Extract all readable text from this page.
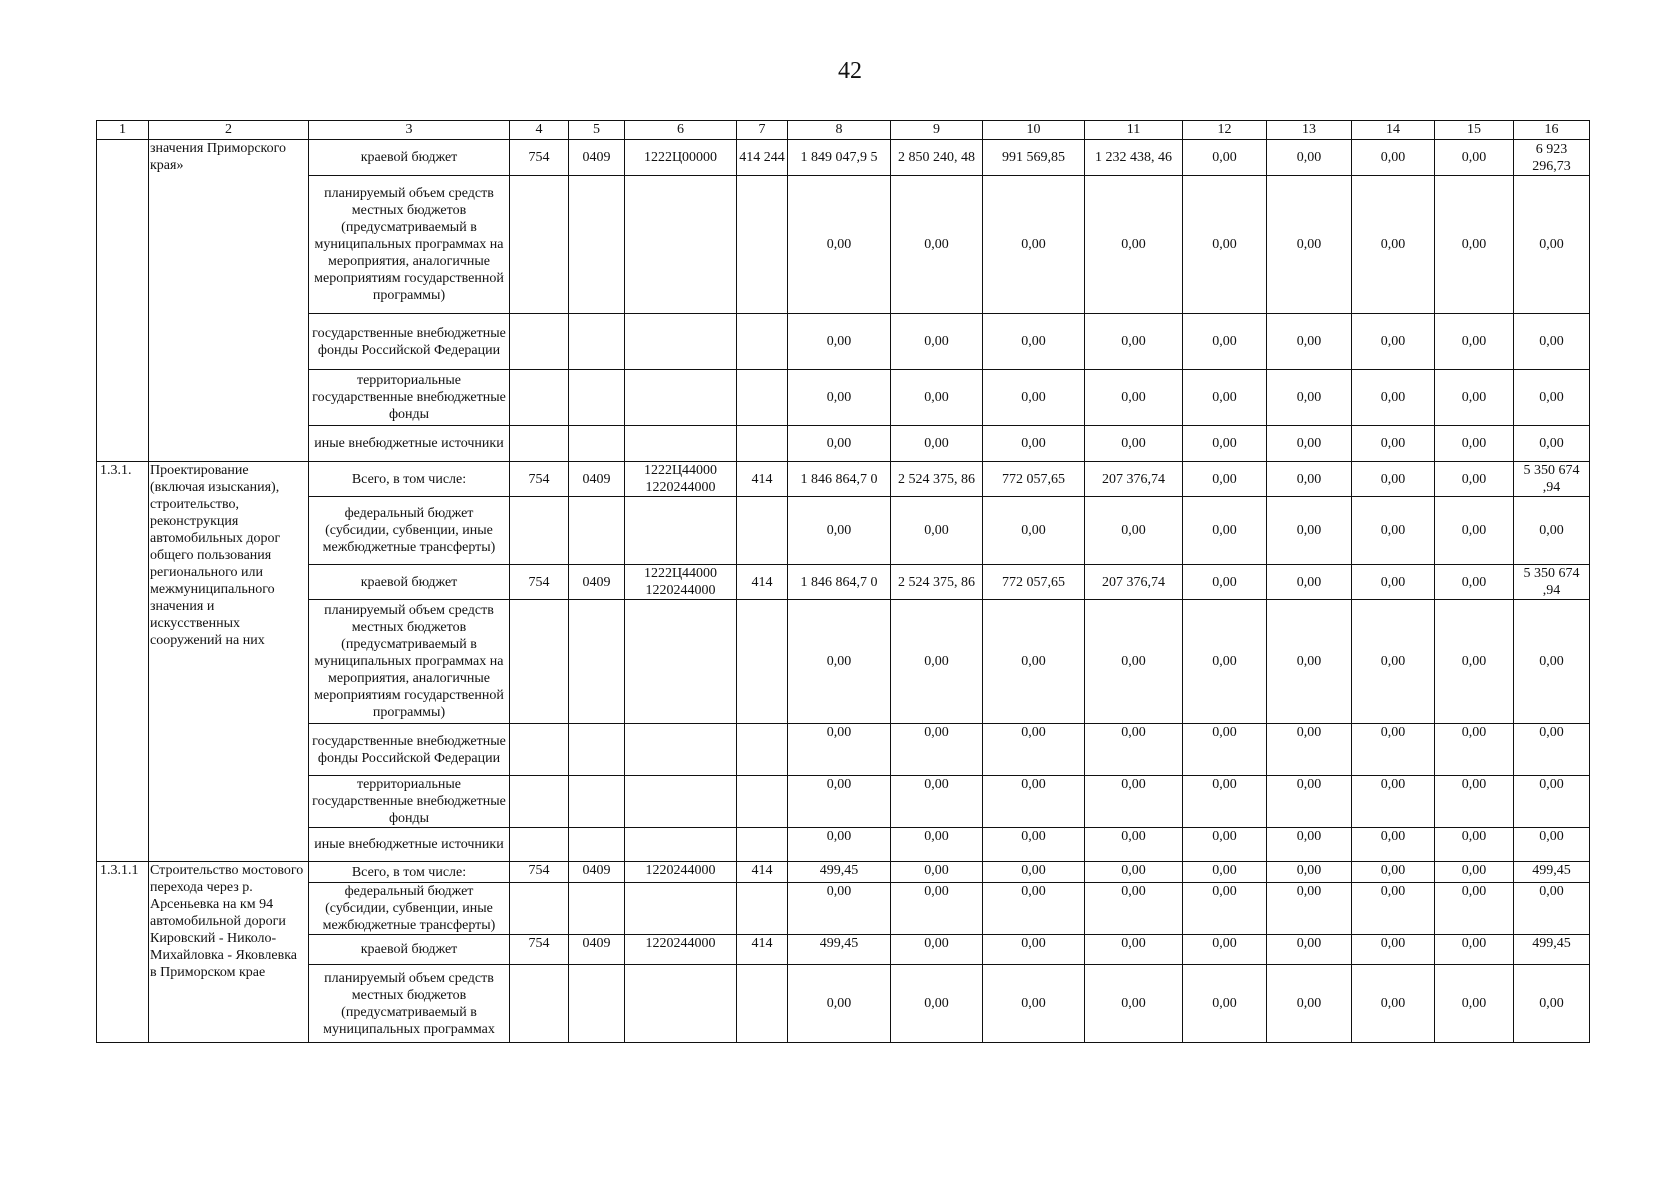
42
1	2	3	4	5	6	7	8	9	10	11	12	13	14	15	16
	значения Приморского края»	краевой бюджет	754	0409	1222Ц00000	414 244	1 849 047,9 5	2 850 240, 48	991 569,85	1 232 438, 46	0,00	0,00	0,00	0,00	6 923 296,73
		планируемый объем средств местных бюджетов (предусматриваемый в муниципальных программах на мероприятия, аналогичные мероприятиям государственной программы)					0,00	0,00	0,00	0,00	0,00	0,00	0,00	0,00	0,00
		государственные внебюджетные фонды Российской Федерации					0,00	0,00	0,00	0,00	0,00	0,00	0,00	0,00	0,00
		территориальные государственные внебюджетные фонды					0,00	0,00	0,00	0,00	0,00	0,00	0,00	0,00	0,00
		иные внебюджетные источники					0,00	0,00	0,00	0,00	0,00	0,00	0,00	0,00	0,00
1.3.1.	Проектирование (включая изыскания), строительство, реконструкция автомобильных дорог общего пользования регионального или межмуниципального значения и искусственных сооружений на них	Всего, в том числе:	754	0409	1222Ц44000 1220244000	414	1 846 864,7 0	2 524 375, 86	772 057,65	207 376,74	0,00	0,00	0,00	0,00	5 350 674 ,94
		федеральный бюджет (субсидии, субвенции, иные межбюджетные трансферты)					0,00	0,00	0,00	0,00	0,00	0,00	0,00	0,00	0,00
		краевой бюджет	754	0409	1222Ц44000 1220244000	414	1 846 864,7 0	2 524 375, 86	772 057,65	207 376,74	0,00	0,00	0,00	0,00	5 350 674 ,94
		планируемый объем средств местных бюджетов (предусматриваемый в муниципальных программах на мероприятия, аналогичные мероприятиям государственной программы)					0,00	0,00	0,00	0,00	0,00	0,00	0,00	0,00	0,00
		государственные внебюджетные фонды Российской Федерации					0,00	0,00	0,00	0,00	0,00	0,00	0,00	0,00	0,00
		территориальные государственные внебюджетные фонды					0,00	0,00	0,00	0,00	0,00	0,00	0,00	0,00	0,00
		иные внебюджетные источники					0,00	0,00	0,00	0,00	0,00	0,00	0,00	0,00	0,00
1.3.1.1	Строительство мостового перехода через р. Арсеньевка на км 94 автомобильной дороги Кировский - Николо-Михайловка - Яковлевка в Приморском крае	Всего, в том числе:	754	0409	1220244000	414	499,45	0,00	0,00	0,00	0,00	0,00	0,00	0,00	499,45
		федеральный бюджет (субсидии, субвенции, иные межбюджетные трансферты)					0,00	0,00	0,00	0,00	0,00	0,00	0,00	0,00	0,00
		краевой бюджет	754	0409	1220244000	414	499,45	0,00	0,00	0,00	0,00	0,00	0,00	0,00	499,45
		планируемый объем средств местных бюджетов (предусматриваемый в муниципальных программах					0,00	0,00	0,00	0,00	0,00	0,00	0,00	0,00	0,00
